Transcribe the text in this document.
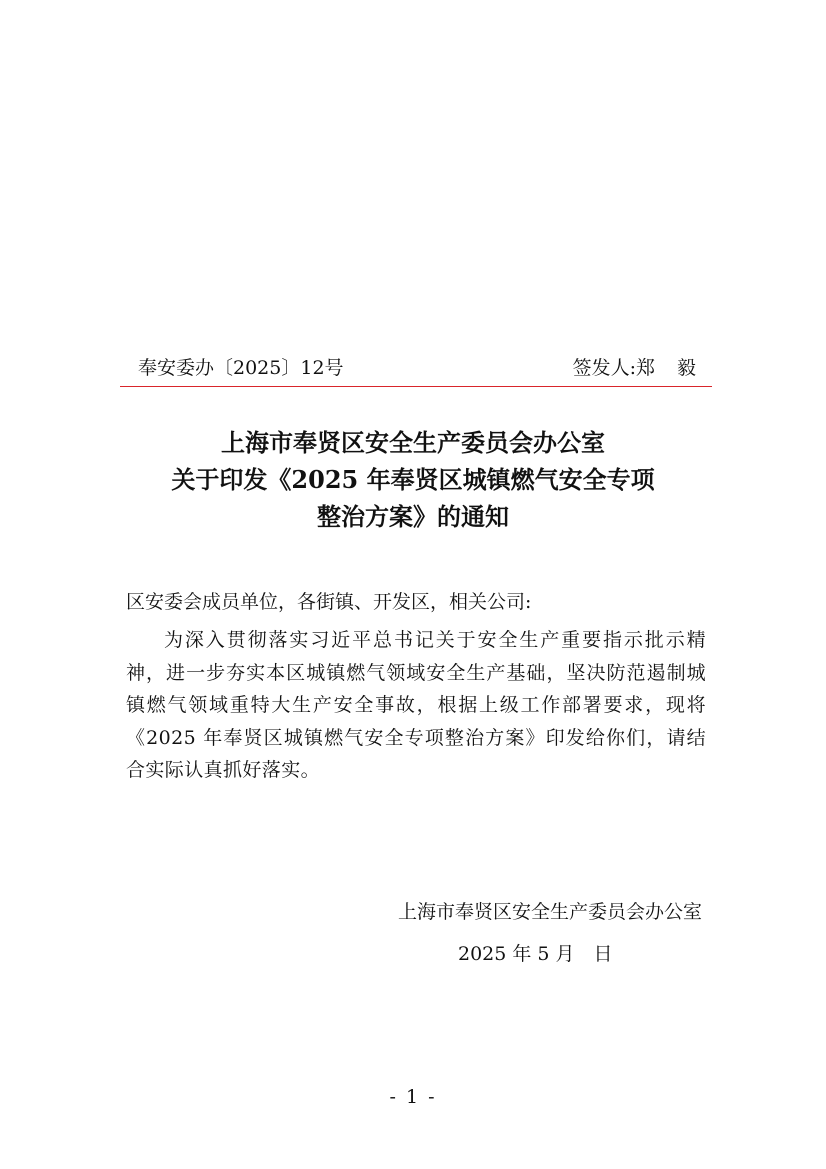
奉安委办〔2025〕12号	签发人:郑毅
上海市奉贤区安全生产委员会办公室
关于印发《2025 年奉贤区城镇燃气安全专项
整治方案》的通知
区安委会成员单位，各街镇、开发区，相关公司:
为深入贯彻落实习近平总书记关于安全生产重要指示批示精神，进一步夯实本区城镇燃气领域安全生产基础，坚决防范遏制城镇燃气领域重特大生产安全事故，根据上级工作部署要求，现将《2025 年奉贤区城镇燃气安全专项整治方案》印发给你们，请结合实际认真抓好落实。
上海市奉贤区安全生产委员会办公室
2025 年 5 月　日
- 1 -
